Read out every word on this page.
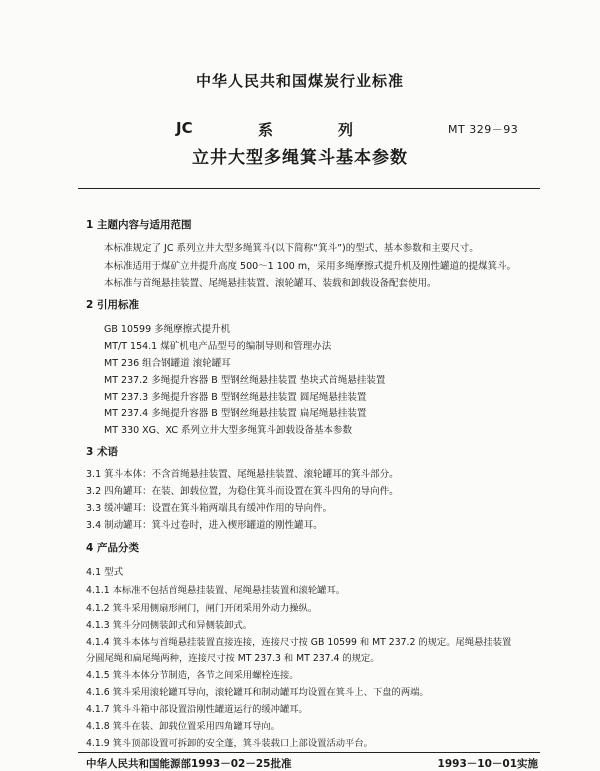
中华人民共和国煤炭行业标准
JC	系	列	MT 329－93
立井大型多绳箕斗基本参数
1 主题内容与适用范围
本标准规定了 JC 系列立井大型多绳箕斗(以下简称“箕斗”)的型式、基本参数和主要尺寸。
本标准适用于煤矿立井提升高度 500～1 100 m，采用多绳摩擦式提升机及刚性罐道的提煤箕斗。
本标准与首绳悬挂装置、尾绳悬挂装置、滚轮罐耳、装载和卸载设备配套使用。
2 引用标准
GB 10599 多绳摩擦式提升机
MT/T 154.1 煤矿机电产品型号的编制导则和管理办法
MT 236 组合钢罐道 滚轮罐耳
MT 237.2 多绳提升容器 B 型钢丝绳悬挂装置 垫块式首绳悬挂装置
MT 237.3 多绳提升容器 B 型钢丝绳悬挂装置 圆尾绳悬挂装置
MT 237.4 多绳提升容器 B 型钢丝绳悬挂装置 扁尾绳悬挂装置
MT 330 XG、XC 系列立井大型多绳箕斗卸载设备基本参数
3 术语
3.1 箕斗本体：不含首绳悬挂装置、尾绳悬挂装置、滚轮罐耳的箕斗部分。
3.2 四角罐耳：在装、卸载位置，为稳住箕斗而设置在箕斗四角的导向件。
3.3 缓冲罐耳：设置在箕斗箱两端具有缓冲作用的导向件。
3.4 制动罐耳：箕斗过卷时，进入楔形罐道的刚性罐耳。
4 产品分类
4.1 型式
4.1.1 本标准不包括首绳悬挂装置、尾绳悬挂装置和滚轮罐耳。
4.1.2 箕斗采用侧扇形闸门，闸门开闭采用外动力操纵。
4.1.3 箕斗分同侧装卸式和异侧装卸式。
4.1.4 箕斗本体与首绳悬挂装置直接连接，连接尺寸按 GB 10599 和 MT 237.2 的规定。尾绳悬挂装置
分圆尾绳和扁尾绳两种，连接尺寸按 MT 237.3 和 MT 237.4 的规定。
4.1.5 箕斗本体分节制造，各节之间采用螺栓连接。
4.1.6 箕斗采用滚轮罐耳导向，滚轮罐耳和制动罐耳均设置在箕斗上、下盘的两端。
4.1.7 箕斗斗箱中部设置沿刚性罐道运行的缓冲罐耳。
4.1.8 箕斗在装、卸载位置采用四角罐耳导向。
4.1.9 箕斗顶部设置可拆卸的安全蓬，箕斗装载口上部设置活动平台。
中华人民共和国能源部1993－02－25批准	1993－10－01实施
